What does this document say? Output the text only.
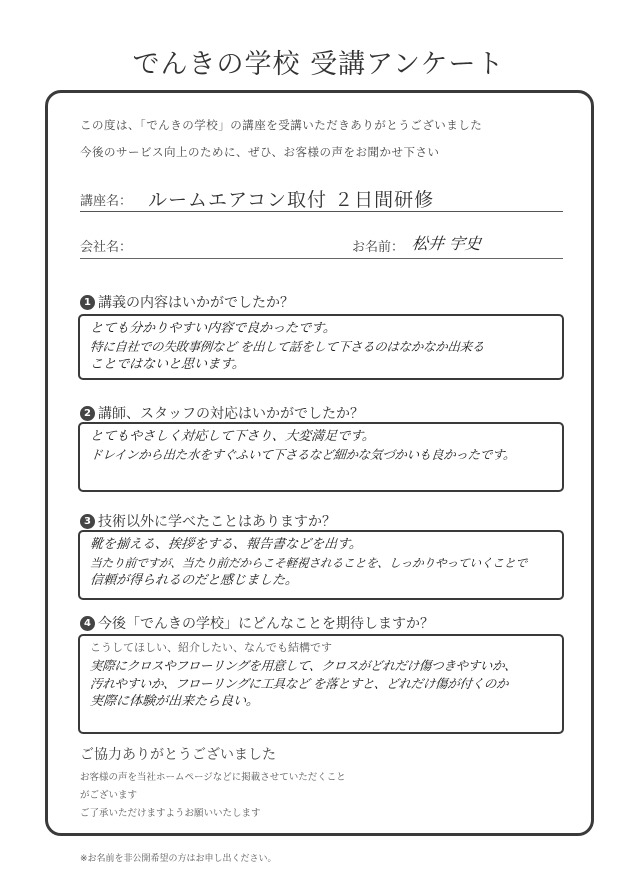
でんきの学校 受講アンケート
この度は、「でんきの学校」の講座を受講いただきありがとうございました
今後のサービス向上のために、ぜひ、お客様の声をお聞かせ下さい
講座名： ルームエアコン取付 ２日間研修
会社名：	お名前： 松井 宇史
1 講義の内容はいかがでしたか？
とても分かりやすい内容で良かったです。
特に自社での失敗事例など を出して話をして下さるのはなかなか出来る
ことではないと思います。
2 講師、スタッフの対応はいかがでしたか？
とてもやさしく対応して下さり、大変満足です。
ドレインから出た水をすぐふいて下さるなど細かな気づかいも良かったです。
3 技術以外に学べたことはありますか？
靴を揃える、挨拶をする、報告書などを出す。
当たり前ですが、当たり前だからこそ軽視されることを、しっかりやっていくことで
信頼が得られるのだと感じました。
4 今後「でんきの学校」にどんなことを期待しますか？
こうしてほしい、紹介したい、なんでも結構です
実際にクロスやフローリングを用意して、クロスがどれだけ傷つきやすいか、
汚れやすいか、フローリングに工具など を落とすと、どれだけ傷が付くのか
実際に体験が出来たら良い。
ご協力ありがとうございました
お客様の声を当社ホームページなどに掲載させていただくこと
がございます
ご了承いただけますようお願いいたします
※お名前を非公開希望の方はお申し出ください。
